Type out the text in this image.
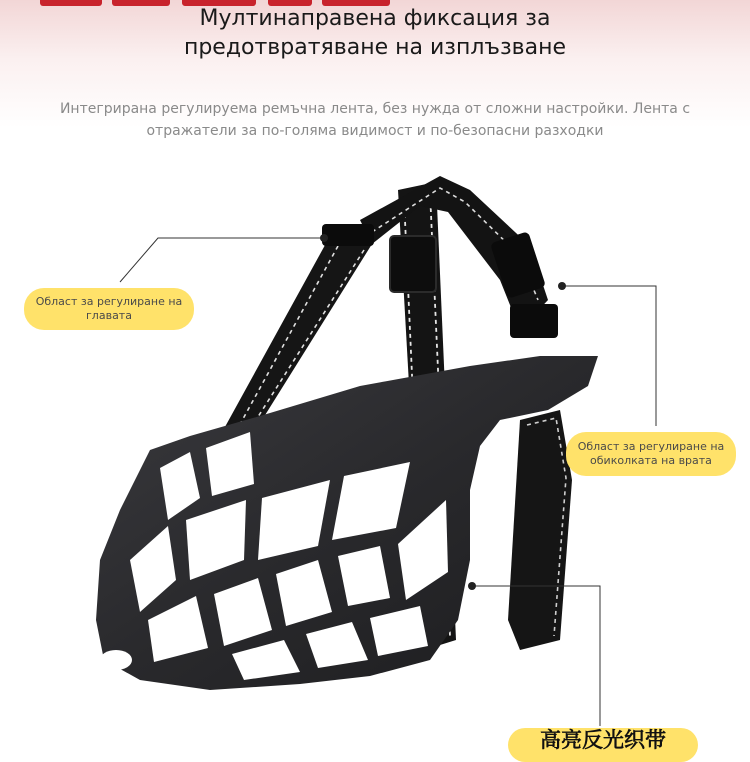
Мултинаправена фиксация за
предотвратяване на изплъзване

Интегрирана регулируема ремъчна лента, без нужда от сложни настройки. Лента с отражатели за по-голяма видимост и по-безопасни разходки

Област за регулиране на главата
Област за регулиране на обиколката на врата
高亮反光织带
